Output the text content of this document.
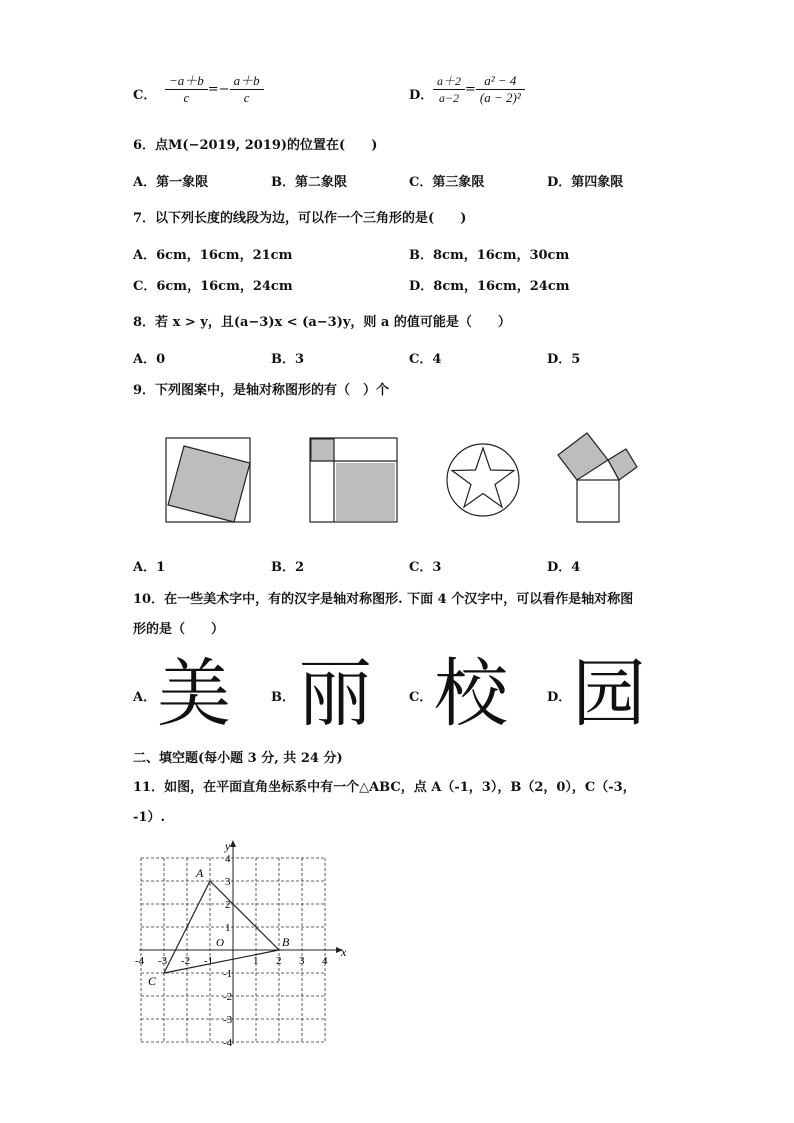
C． $\frac{-a+b}{c} =- \frac{a+b}{c}$	D． $\frac{a+2}{a-2} = \frac{\text{a² − 4}}{\text{(a − 2)²}}$
6．点M(−2019, 2019)的位置在(　　)
A．第一象限	B．第二象限	C．第三象限	D．第四象限
7．以下列长度的线段为边，可以作一个三角形的是(　　)
A．6cm，16cm，21cm	B．8cm，16cm，30cm
C．6cm，16cm，24cm	D．8cm，16cm，24cm
8．若 x > y，且(a−3)x < (a−3)y，则 a 的值可能是（　　）
A．0	B．3	C．4	D．5
9．下列图案中，是轴对称图形的有（　）个
A．1	B．2	C．3	D．4
10．在一些美术字中，有的汉字是轴对称图形. 下面 4 个汉字中，可以看作是轴对称图
形的是（　　）
A． 美	B． 丽	C． 校	D． 园
二、填空题(每小题 3 分, 共 24 分)
11．如图，在平面直角坐标系中有一个△ABC，点 A（-1，3），B（2，0），C（-3，
-1）.
x
y
O
-4 -3 -2 -1	1 2 3 4
4
3
2
1
-1
-2
-3
-4
A
B
C
